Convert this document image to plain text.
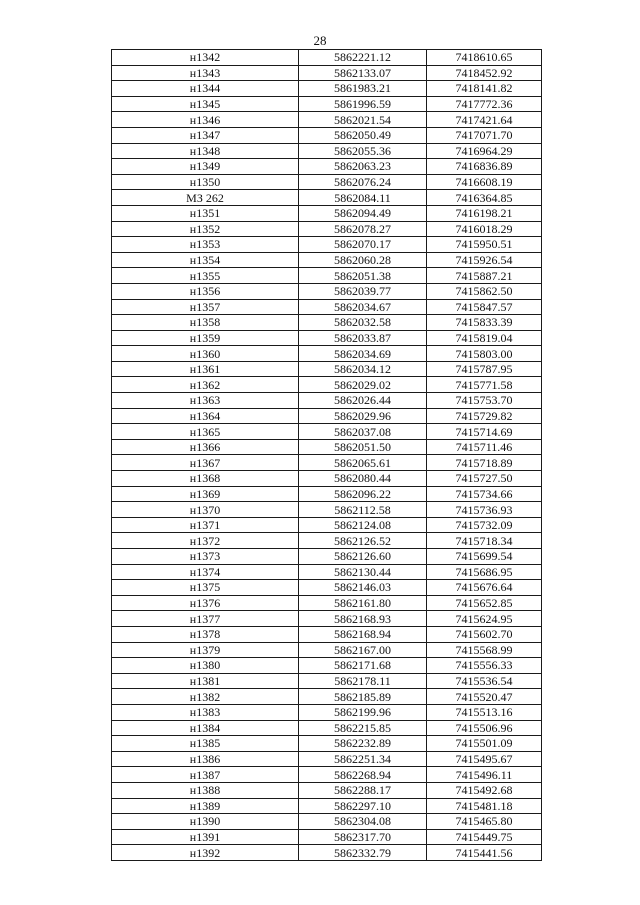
28
н1342	5862221.12	7418610.65
н1343	5862133.07	7418452.92
н1344	5861983.21	7418141.82
н1345	5861996.59	7417772.36
н1346	5862021.54	7417421.64
н1347	5862050.49	7417071.70
н1348	5862055.36	7416964.29
н1349	5862063.23	7416836.89
н1350	5862076.24	7416608.19
МЗ 262	5862084.11	7416364.85
н1351	5862094.49	7416198.21
н1352	5862078.27	7416018.29
н1353	5862070.17	7415950.51
н1354	5862060.28	7415926.54
н1355	5862051.38	7415887.21
н1356	5862039.77	7415862.50
н1357	5862034.67	7415847.57
н1358	5862032.58	7415833.39
н1359	5862033.87	7415819.04
н1360	5862034.69	7415803.00
н1361	5862034.12	7415787.95
н1362	5862029.02	7415771.58
н1363	5862026.44	7415753.70
н1364	5862029.96	7415729.82
н1365	5862037.08	7415714.69
н1366	5862051.50	7415711.46
н1367	5862065.61	7415718.89
н1368	5862080.44	7415727.50
н1369	5862096.22	7415734.66
н1370	5862112.58	7415736.93
н1371	5862124.08	7415732.09
н1372	5862126.52	7415718.34
н1373	5862126.60	7415699.54
н1374	5862130.44	7415686.95
н1375	5862146.03	7415676.64
н1376	5862161.80	7415652.85
н1377	5862168.93	7415624.95
н1378	5862168.94	7415602.70
н1379	5862167.00	7415568.99
н1380	5862171.68	7415556.33
н1381	5862178.11	7415536.54
н1382	5862185.89	7415520.47
н1383	5862199.96	7415513.16
н1384	5862215.85	7415506.96
н1385	5862232.89	7415501.09
н1386	5862251.34	7415495.67
н1387	5862268.94	7415496.11
н1388	5862288.17	7415492.68
н1389	5862297.10	7415481.18
н1390	5862304.08	7415465.80
н1391	5862317.70	7415449.75
н1392	5862332.79	7415441.56
